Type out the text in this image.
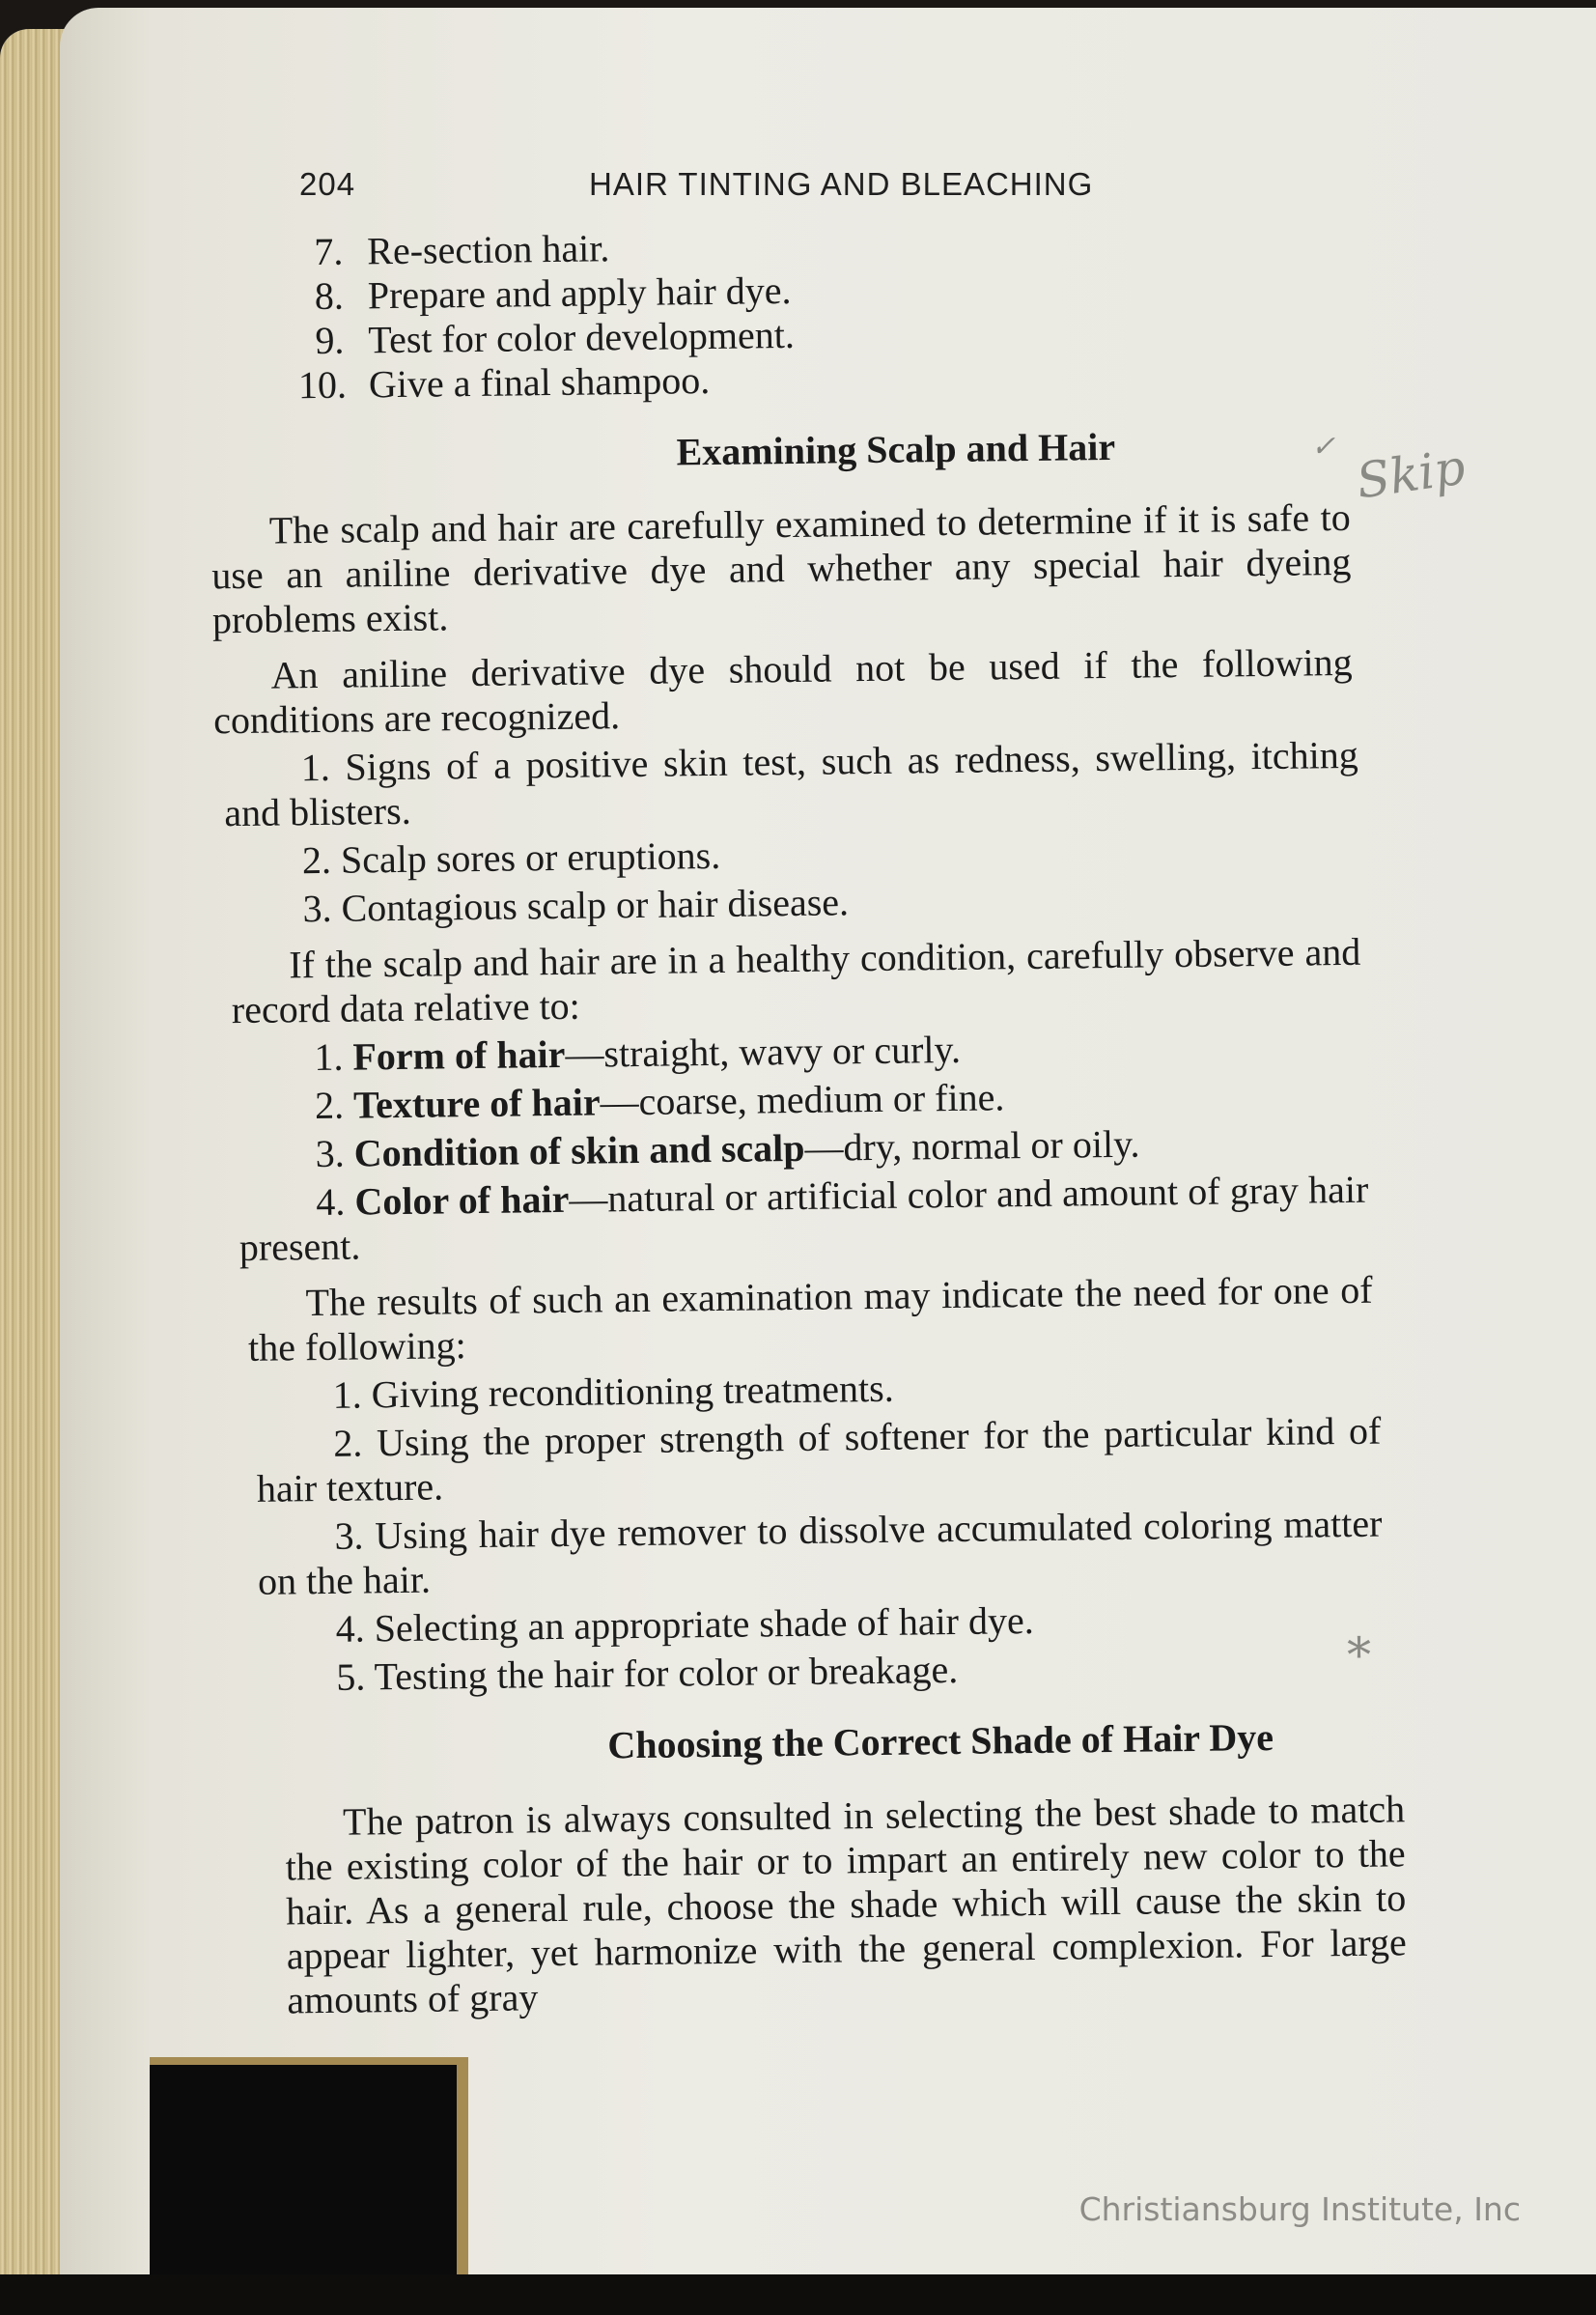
204	HAIR TINTING AND BLEACHING
✓ Skip
*

7. Re-section hair.

8. Prepare and apply hair dye.

9. Test for color development.

10. Give a final shampoo.

Examining Scalp and Hair

The scalp and hair are carefully examined to determine if it is safe to use an aniline derivative dye and whether any special hair dyeing problems exist.

An aniline derivative dye should not be used if the following conditions are recognized.

1. Signs of a positive skin test, such as redness, swelling, itching and blisters.

2. Scalp sores or eruptions.

3. Contagious scalp or hair disease.

If the scalp and hair are in a healthy condition, carefully observe and record data relative to:

1. Form of hair—straight, wavy or curly.

2. Texture of hair—coarse, medium or fine.

3. Condition of skin and scalp—dry, normal or oily.

4. Color of hair—natural or artificial color and amount of gray hair present.

The results of such an examination may indicate the need for one of the following:

1. Giving reconditioning treatments.

2. Using the proper strength of softener for the particular kind of hair texture.

3. Using hair dye remover to dissolve accumulated coloring matter on the hair.

4. Selecting an appropriate shade of hair dye.

5. Testing the hair for color or breakage.

Choosing the Correct Shade of Hair Dye

The patron is always consulted in selecting the best shade to match the existing color of the hair or to impart an entirely new color to the hair. As a general rule, choose the shade which will cause the skin to appear lighter, yet harmonize with the general complexion. For large amounts of gray

Christiansburg Institute, Inc
